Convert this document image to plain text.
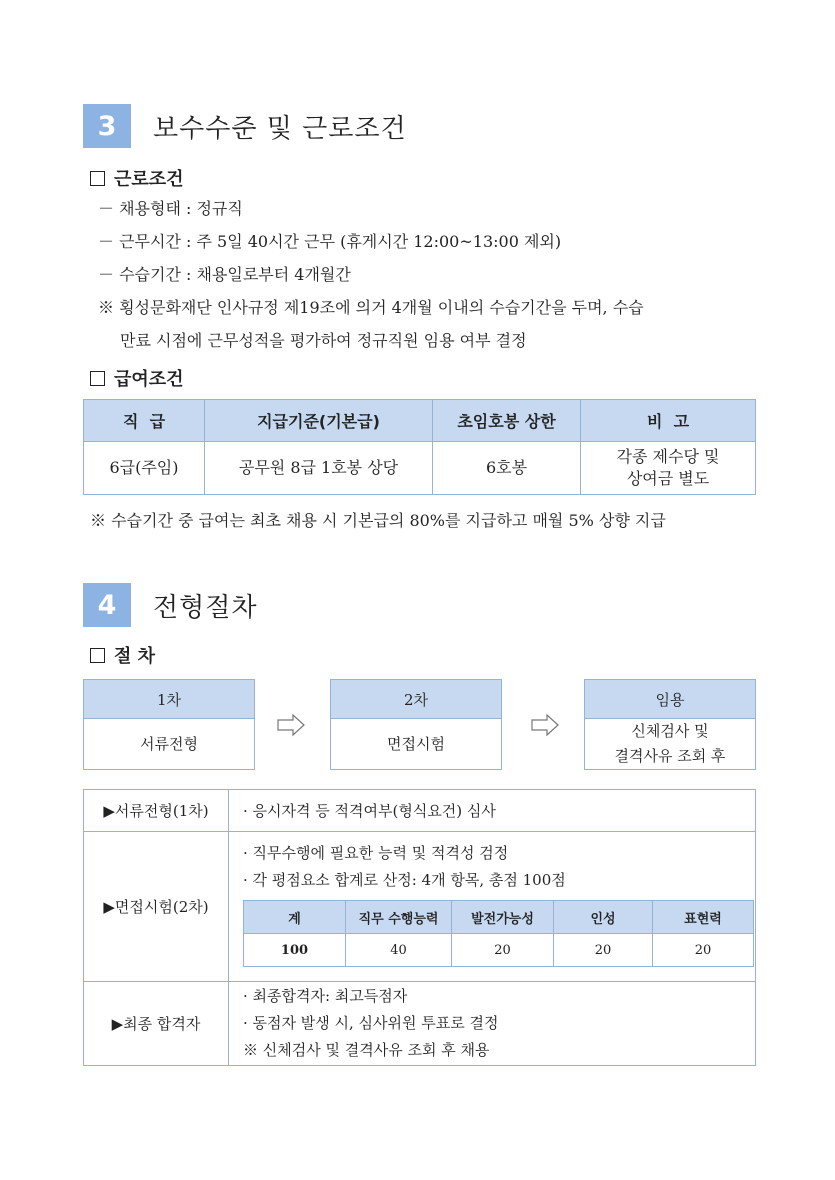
3	보수수준 및 근로조건
근로조건
－ 채용형태 : 정규직
－ 근무시간 : 주 5일 40시간 근무 (휴게시간 12:00~13:00 제외)
－ 수습기간 : 채용일로부터 4개월간
※ 횡성문화재단 인사규정 제19조에 의거 4개월 이내의 수습기간을 두며, 수습
만료 시점에 근무성적을 평가하여 정규직원 임용 여부 결정
급여조건
직  급	지급기준(기본급)	초임호봉 상한	비  고
6급(주임)	공무원 8급 1호봉 상당	6호봉	각종 제수당 및
상여금 별도
※ 수습기간 중 급여는 최초 채용 시 기본급의 80%를 지급하고 매월 5% 상향 지급
4	전형절차
절 차
1차
서류전형
2차
면접시험
임용
신체검사 및
결격사유 조회 후
▶서류전형(1차)	· 응시자격 등 적격여부(형식요건) 심사
▶면접시험(2차)	
· 직무수행에 필요한 능력 및 적격성 검정
· 각 평점요소 합계로 산정: 4개 항목, 총점 100점
계	직무 수행능력	발전가능성	인성	표현력
100	40	20	20	20

▶최종 합격자	
· 최종합격자: 최고득점자
· 동점자 발생 시, 심사위원 투표로 결정
※ 신체검사 및 결격사유 조회 후 채용
